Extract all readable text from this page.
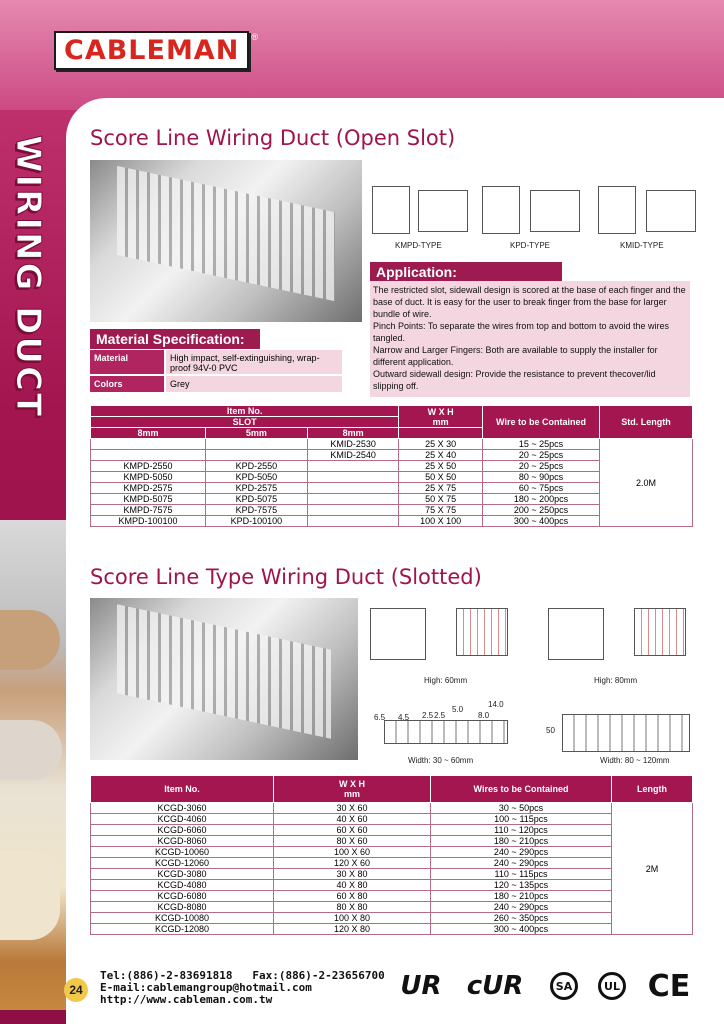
CABLEMAN	®
WIRING DUCT Score Line Wiring Duct (Open Slot)
KMPD-TYPE	KPD-TYPE	KMID-TYPE
Application:
The restricted slot, sidewall design is scored at the base of each finger and the base of duct. It is easy for the user to break finger from the base for larger bundle of wire.
Pinch Points: To separate the wires from top and bottom to avoid the wires tangled.
Narrow and Larger Fingers: Both are available to supply the installer for different application.
Outward sidewall design: Provide the resistance to prevent thecover/lid slipping off.
Material Specification:
Material	High impact, self-extinguishing, wrap-proof 94V-0 PVC
Colors	Grey
Item No.			W X H
mm	Wire to be Contained	Std. Length
SLOT					
8mm	5mm	8mm			
		KMID-2530	25 X 30	15 ~ 25pcs	2.0M
		KMID-2540	25 X 40	20 ~ 25pcs	
KMPD-2550	KPD-2550		25 X 50	20 ~ 25pcs	
KMPD-5050	KPD-5050		50 X 50	80 ~ 90pcs	
KMPD-2575	KPD-2575		25 X 75	60 ~ 75pcs	
KMPD-5075	KPD-5075		50 X 75	180 ~ 200pcs	
KMPD-7575	KPD-7575		75 X 75	200 ~ 250pcs	
KMPD-100100	KPD-100100		100 X 100	300 ~ 400pcs	
Score Line Type Wiring Duct (Slotted)
High: 60mm	High: 80mm
6.5 4.5 2.5 2.5
5.0
8.0
14.0
Width: 30 ~ 60mm
50
Width: 80 ~ 120mm
Item No.	W X H
mm	Wires to be Contained	Length
KCGD-3060	30 X 60	30 ~ 50pcs	2M
KCGD-4060	40 X 60	100 ~ 115pcs	
KCGD-6060	60 X 60	110 ~ 120pcs	
KCGD-8060	80 X 60	180 ~ 210pcs	
KCGD-10060	100 X 60	240 ~ 290pcs	
KCGD-12060	120 X 60	240 ~ 290pcs	
KCGD-3080	30 X 80	110 ~ 115pcs	
KCGD-4080	40 X 80	120 ~ 135pcs	
KCGD-6080	60 X 80	180 ~ 210pcs	
KCGD-8080	80 X 80	240 ~ 290pcs	
KCGD-10080	100 X 80	260 ~ 350pcs	
KCGD-12080	120 X 80	300 ~ 400pcs	
24
Tel:(886)-2-83691818 Fax:(886)-2-23656700
E-mail:cablemangroup@hotmail.com
http://www.cableman.com.tw	UR cUR	SA	UL CE
